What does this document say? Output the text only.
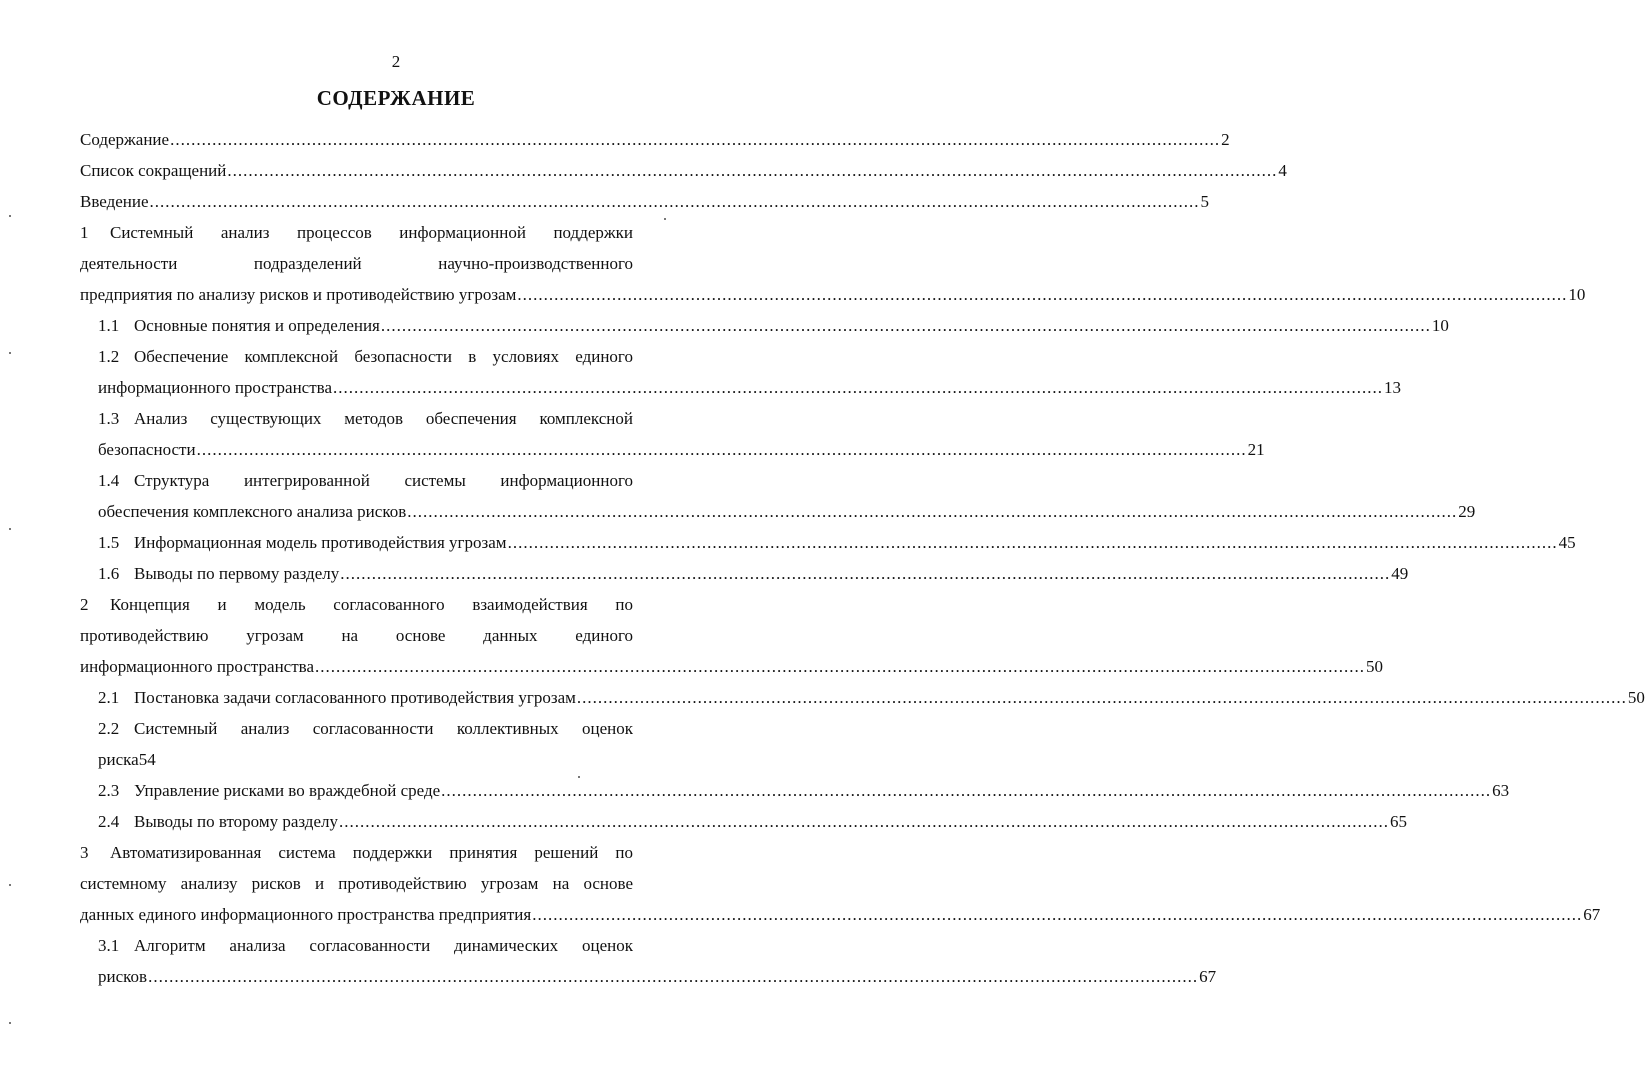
2
СОДЕРЖАНИЕ
Содержание ........................................................................................................................................................................................................ 2
Список сокращений ........................................................................................................................................................................................................ 4
Введение ........................................................................................................................................................................................................ 5
1 Системный анализ процессов информационной поддержки
деятельности подразделений научно-производственного
предприятия по анализу рисков и противодействию угрозам ........................................................................................................................................................................................................ 10
1.1 Основные понятия и определения ........................................................................................................................................................................................................ 10
1.2 Обеспечение комплексной безопасности в условиях единого
информационного пространства ........................................................................................................................................................................................................ 13
1.3 Анализ существующих методов обеспечения комплексной
безопасности ........................................................................................................................................................................................................ 21
1.4 Структура интегрированной системы информационного
обеспечения комплексного анализа рисков ........................................................................................................................................................................................................ 29
1.5 Информационная модель противодействия угрозам ........................................................................................................................................................................................................ 45
1.6 Выводы по первому разделу ........................................................................................................................................................................................................ 49
2 Концепция и модель согласованного взаимодействия по
противодействию угрозам на основе данных единого
информационного пространства ........................................................................................................................................................................................................ 50
2.1 Постановка задачи согласованного противодействия угрозам ........................................................................................................................................................................................................ 50
2.2 Системный анализ согласованности коллективных оценок
риска54
2.3 Управление рисками во враждебной среде ........................................................................................................................................................................................................ 63
2.4 Выводы по второму разделу ........................................................................................................................................................................................................ 65
3 Автоматизированная система поддержки принятия решений по
системному анализу рисков и противодействию угрозам на основе
данных единого информационного пространства предприятия ........................................................................................................................................................................................................ 67
3.1 Алгоритм анализа согласованности динамических оценок
рисков ........................................................................................................................................................................................................ 67
